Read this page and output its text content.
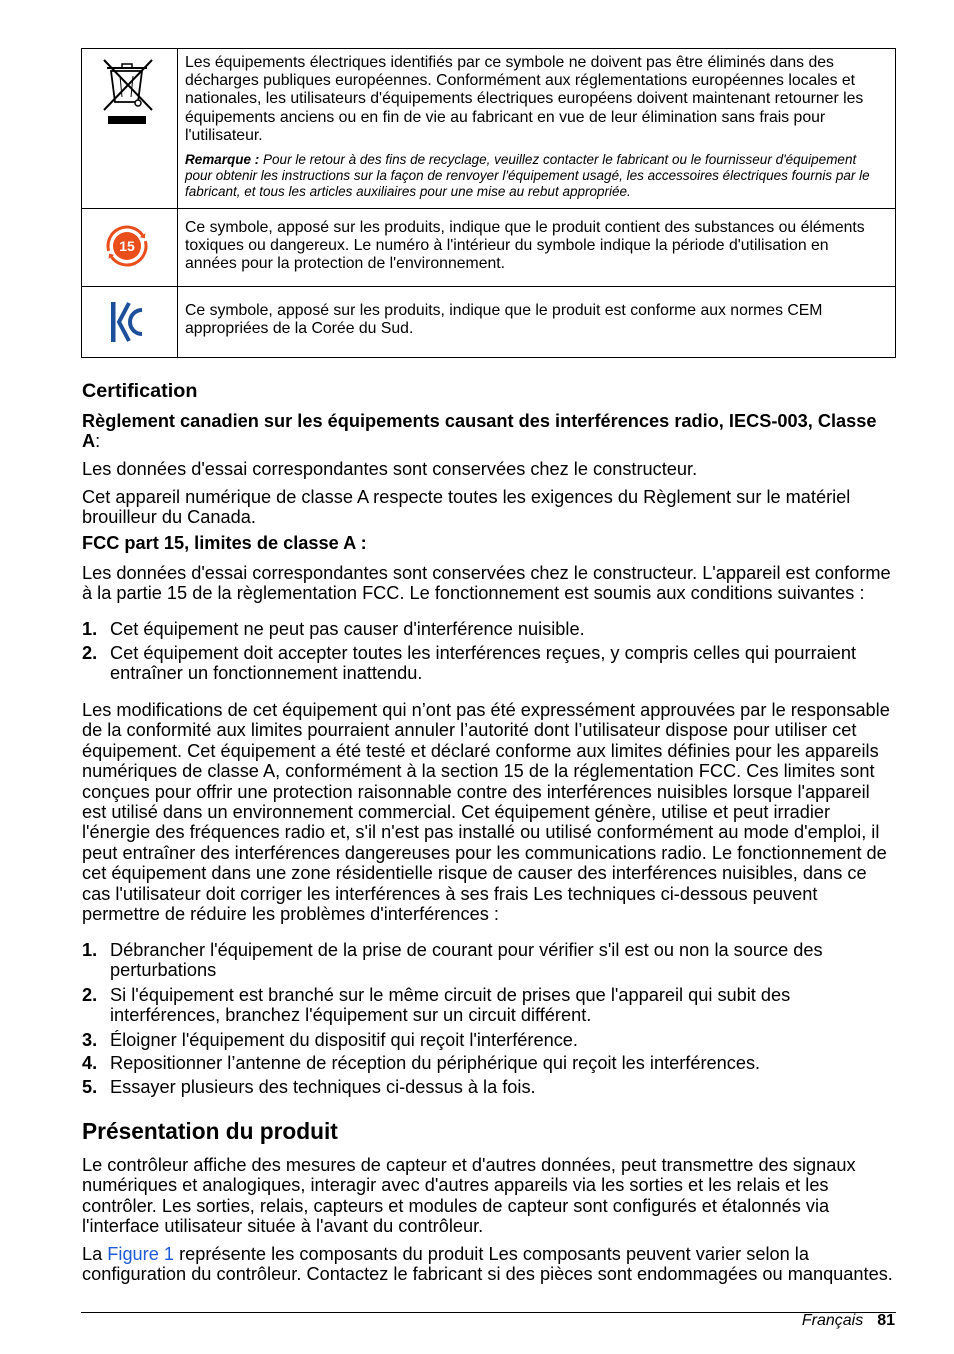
Les équipements électriques identifiés par ce symbole ne doivent pas être éliminés dans des
décharges publiques européennes. Conformément aux réglementations européennes locales et
nationales, les utilisateurs d'équipements électriques européens doivent maintenant retourner les
équipements anciens ou en fin de vie au fabricant en vue de leur élimination sans frais pour
l'utilisateur.
Remarque : Pour le retour à des fins de recyclage, veuillez contacter le fabricant ou le fournisseur d'équipement
pour obtenir les instructions sur la façon de renvoyer l'équipement usagé, les accessoires électriques fournis par le
fabricant, et tous les articles auxiliaires pour une mise au rebut appropriée.
15
Ce symbole, apposé sur les produits, indique que le produit contient des substances ou éléments
toxiques ou dangereux. Le numéro à l'intérieur du symbole indique la période d'utilisation en
années pour la protection de l'environnement.
Ce symbole, apposé sur les produits, indique que le produit est conforme aux normes CEM
appropriées de la Corée du Sud.
Certification
Règlement canadien sur les équipements causant des interférences radio, IECS-003, Classe
A:
Les données d'essai correspondantes sont conservées chez le constructeur.
Cet appareil numérique de classe A respecte toutes les exigences du Règlement sur le matériel
brouilleur du Canada.
FCC part 15, limites de classe A :
Les données d'essai correspondantes sont conservées chez le constructeur. L'appareil est conforme
à la partie 15 de la règlementation FCC. Le fonctionnement est soumis aux conditions suivantes :
1. Cet équipement ne peut pas causer d'interférence nuisible.
2. Cet équipement doit accepter toutes les interférences reçues, y compris celles qui pourraient
entraîner un fonctionnement inattendu.
Les modifications de cet équipement qui n’ont pas été expressément approuvées par le responsable
de la conformité aux limites pourraient annuler l’autorité dont l’utilisateur dispose pour utiliser cet
équipement. Cet équipement a été testé et déclaré conforme aux limites définies pour les appareils
numériques de classe A, conformément à la section 15 de la réglementation FCC. Ces limites sont
conçues pour offrir une protection raisonnable contre des interférences nuisibles lorsque l'appareil
est utilisé dans un environnement commercial. Cet équipement génère, utilise et peut irradier
l'énergie des fréquences radio et, s'il n'est pas installé ou utilisé conformément au mode d'emploi, il
peut entraîner des interférences dangereuses pour les communications radio. Le fonctionnement de
cet équipement dans une zone résidentielle risque de causer des interférences nuisibles, dans ce
cas l'utilisateur doit corriger les interférences à ses frais Les techniques ci-dessous peuvent
permettre de réduire les problèmes d'interférences :
1. Débrancher l'équipement de la prise de courant pour vérifier s'il est ou non la source des
perturbations
2. Si l'équipement est branché sur le même circuit de prises que l'appareil qui subit des
interférences, branchez l'équipement sur un circuit différent.
3. Éloigner l'équipement du dispositif qui reçoit l'interférence.
4. Repositionner l’antenne de réception du périphérique qui reçoit les interférences.
5. Essayer plusieurs des techniques ci-dessus à la fois.
Présentation du produit
Le contrôleur affiche des mesures de capteur et d'autres données, peut transmettre des signaux
numériques et analogiques, interagir avec d'autres appareils via les sorties et les relais et les
contrôler. Les sorties, relais, capteurs et modules de capteur sont configurés et étalonnés via
l'interface utilisateur située à l'avant du contrôleur.
La Figure 1 représente les composants du produit Les composants peuvent varier selon la
configuration du contrôleur. Contactez le fabricant si des pièces sont endommagées ou manquantes.
Français 81
